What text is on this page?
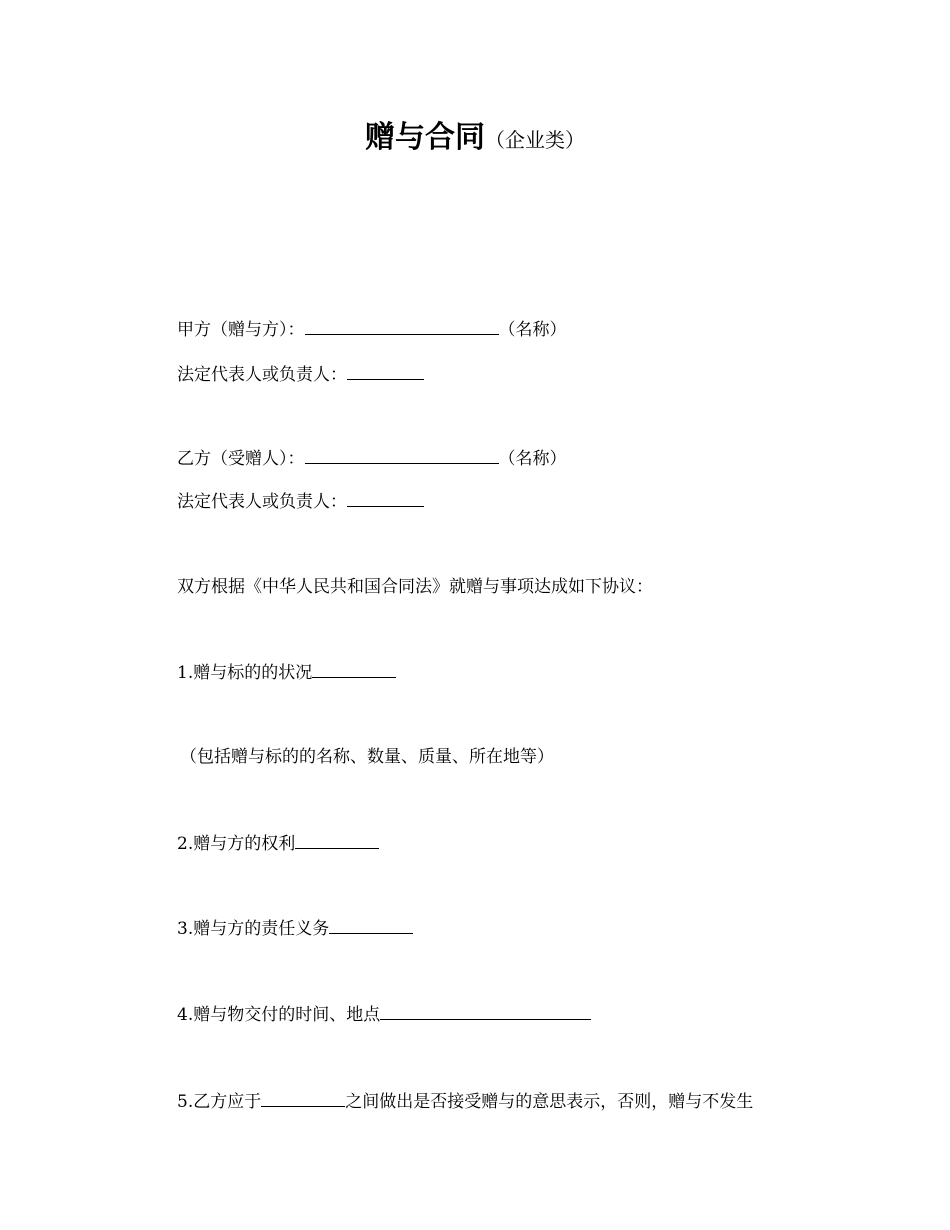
赠与合同（企业类）
甲方（赠与方）：	（名称）
法定代表人或负责人：
乙方（受赠人）：	（名称）
法定代表人或负责人：
双方根据《中华人民共和国合同法》就赠与事项达成如下协议：
1.赠与标的的状况
（包括赠与标的的名称、数量、质量、所在地等）
2.赠与方的权利
3.赠与方的责任义务
4.赠与物交付的时间、地点
5.乙方应于	之间做出是否接受赠与的意思表示，否则，赠与不发生
